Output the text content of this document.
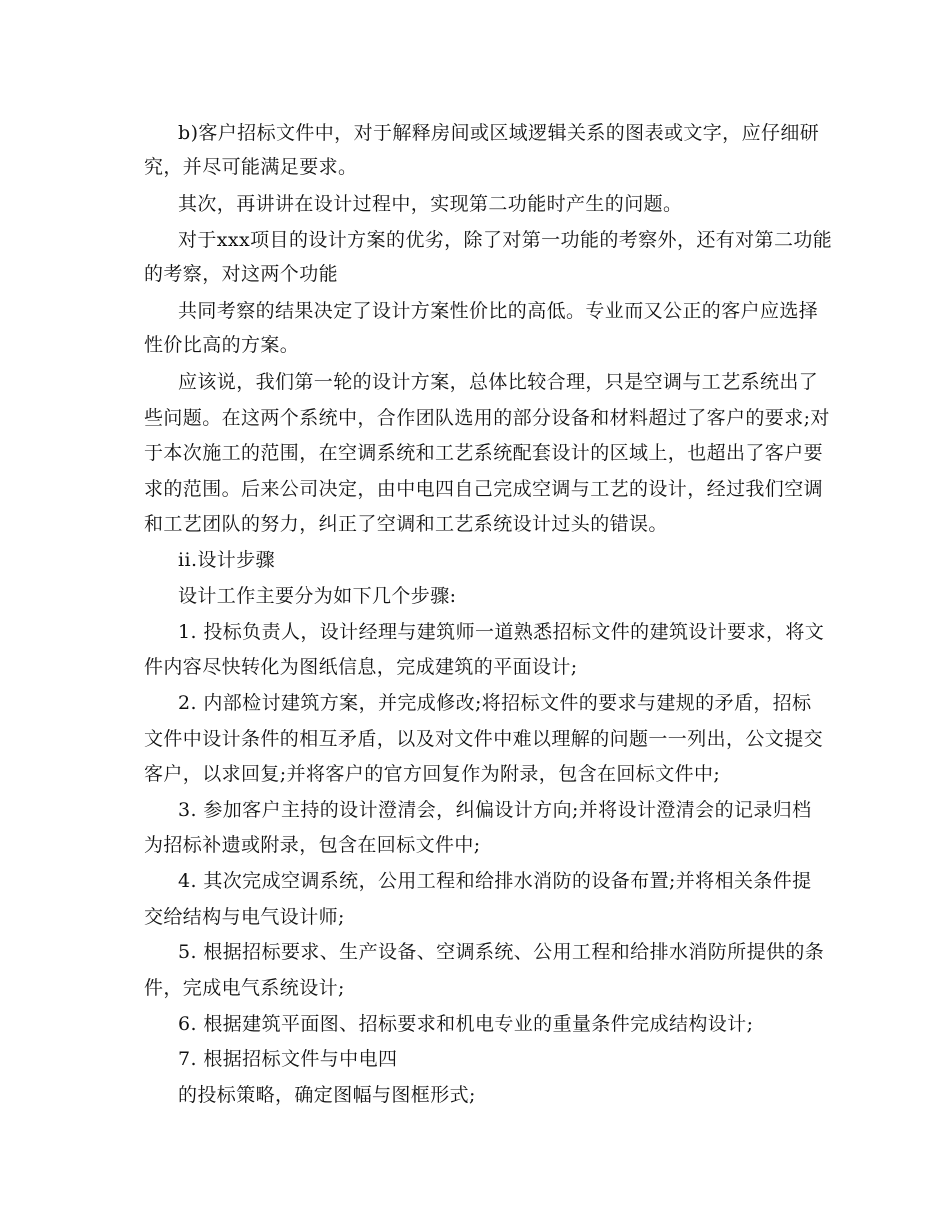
b)客户招标文件中，对于解释房间或区域逻辑关系的图表或文字，应仔细研
究，并尽可能满足要求。
其次，再讲讲在设计过程中，实现第二功能时产生的问题。
对于xxx项目的设计方案的优劣，除了对第一功能的考察外，还有对第二功能
的考察，对这两个功能
共同考察的结果决定了设计方案性价比的高低。专业而又公正的客户应选择
性价比高的方案。
应该说，我们第一轮的设计方案，总体比较合理，只是空调与工艺系统出了
些问题。在这两个系统中，合作团队选用的部分设备和材料超过了客户的要求;对
于本次施工的范围，在空调系统和工艺系统配套设计的区域上，也超出了客户要
求的范围。后来公司决定，由中电四自己完成空调与工艺的设计，经过我们空调
和工艺团队的努力，纠正了空调和工艺系统设计过头的错误。
ii.设计步骤
设计工作主要分为如下几个步骤:
1. 投标负责人，设计经理与建筑师一道熟悉招标文件的建筑设计要求，将文
件内容尽快转化为图纸信息，完成建筑的平面设计;
2. 内部检讨建筑方案，并完成修改;将招标文件的要求与建规的矛盾，招标
文件中设计条件的相互矛盾，以及对文件中难以理解的问题一一列出，公文提交
客户，以求回复;并将客户的官方回复作为附录，包含在回标文件中;
3. 参加客户主持的设计澄清会，纠偏设计方向;并将设计澄清会的记录归档
为招标补遗或附录，包含在回标文件中;
4. 其次完成空调系统，公用工程和给排水消防的设备布置;并将相关条件提
交给结构与电气设计师;
5. 根据招标要求、生产设备、空调系统、公用工程和给排水消防所提供的条
件，完成电气系统设计;
6. 根据建筑平面图、招标要求和机电专业的重量条件完成结构设计;
7. 根据招标文件与中电四
的投标策略，确定图幅与图框形式;
